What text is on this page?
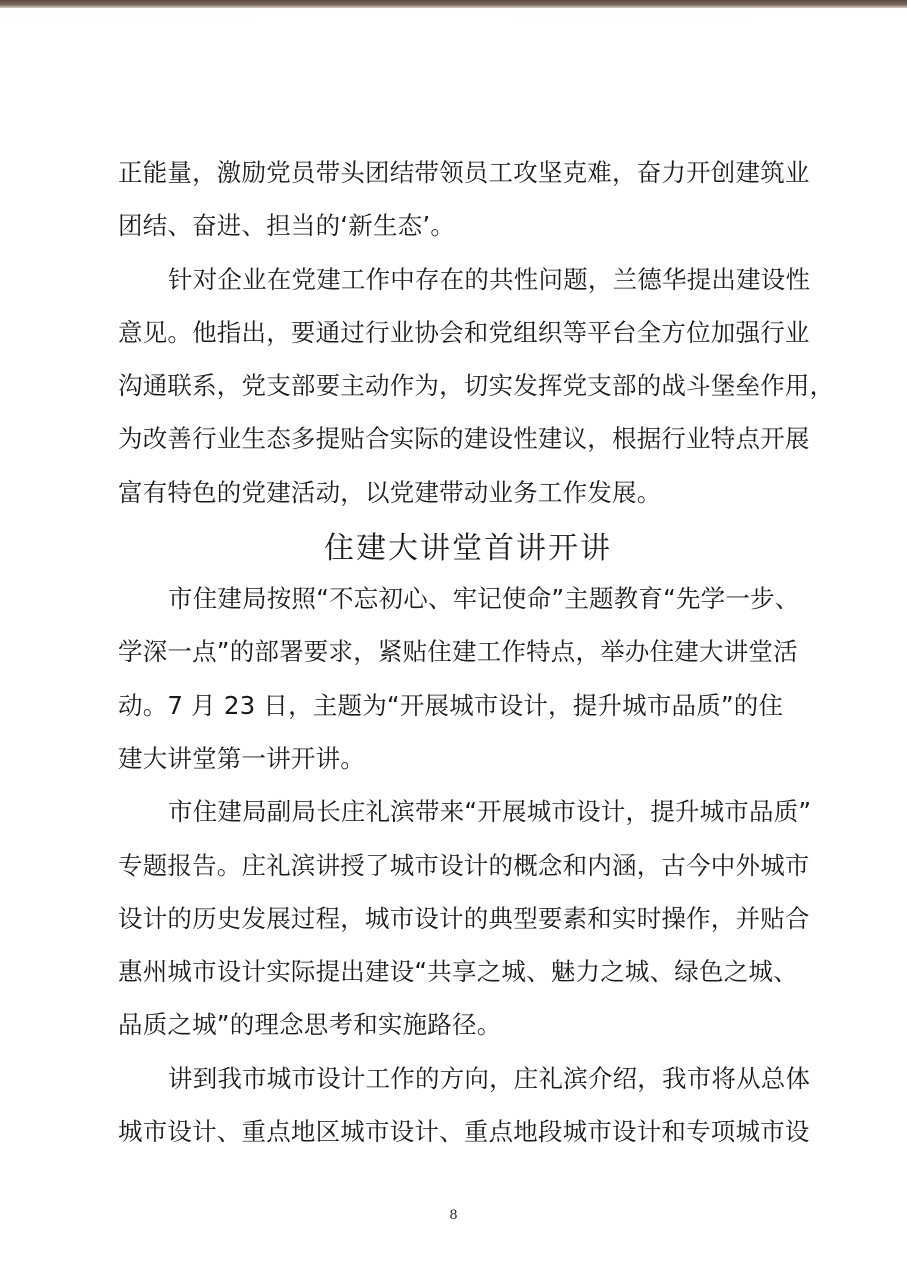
正能量，激励党员带头团结带领员工攻坚克难，奋力开创建筑业
团结、奋进、担当的‘新生态’。
针对企业在党建工作中存在的共性问题，兰德华提出建设性
意见。他指出，要通过行业协会和党组织等平台全方位加强行业
沟通联系，党支部要主动作为，切实发挥党支部的战斗堡垒作用，
为改善行业生态多提贴合实际的建设性建议，根据行业特点开展
富有特色的党建活动，以党建带动业务工作发展。
住建大讲堂首讲开讲
市住建局按照“不忘初心、牢记使命”主题教育“先学一步、
学深一点”的部署要求，紧贴住建工作特点，举办住建大讲堂活
动。7 月 23 日，主题为“开展城市设计，提升城市品质”的住
建大讲堂第一讲开讲。
市住建局副局长庄礼滨带来“开展城市设计，提升城市品质”
专题报告。庄礼滨讲授了城市设计的概念和内涵，古今中外城市
设计的历史发展过程，城市设计的典型要素和实时操作，并贴合
惠州城市设计实际提出建设“共享之城、魅力之城、绿色之城、
品质之城”的理念思考和实施路径。
讲到我市城市设计工作的方向，庄礼滨介绍，我市将从总体
城市设计、重点地区城市设计、重点地段城市设计和专项城市设
8
